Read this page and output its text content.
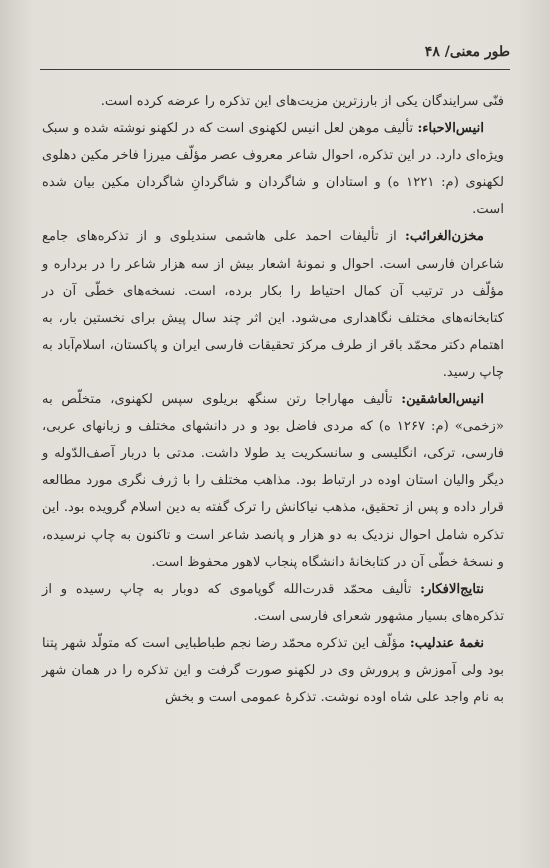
طور معنی/ ۴۸

فنّی سرایندگان یکی از بارزترین مزیت‌های این تذکره را عرضه کرده است.

انیس‌الاحباء: تألیف موهن لعل انیس لکهنوی است که در لکهنو نوشته شده و سبک ویژه‌ای دارد. در این تذکره، احوال شاعر معروف عصر مؤلّف میرزا فاخر مکین دهلوی لکهنوی (م: ۱۲۲۱ ه) و استادان و شاگردان و شاگردانِ شاگردان مکین بیان شده است.

مخزن‌الغرائب: از تألیفات احمد علی هاشمی سندیلوی و از تذکره‌های جامع شاعران فارسی است. احوال و نمونهٔ اشعار بیش از سه هزار شاعر را در برداره و مؤلّف در ترتیب آن کمال احتیاط را بکار برده، است. نسخه‌های خطّی آن در کتابخانه‌های مختلف نگاهداری می‌شود. این اثر چند سال پیش برای نخستین بار، به اهتمام دکتر محمّد باقر از طرف مرکز تحقیقات فارسی ایران و پاکستان، اسلام‌آباد به چاپ رسید.

انیس‌العاشقین: تألیف مهاراجا رتن سنگھ بریلوی سپس لکهنوی، متخلّص به «زخمی» (م: ۱۲۶۷ ه) که مردی فاضل بود و در دانشهای مختلف و زبانهای عربی، فارسی، ترکی، انگلیسی و سانسکریت ید طولا داشت. مدتی با دربار آصف‌الدّوله و دیگر والیان استان اوده در ارتباط بود. مذاهب مختلف را با ژرف نگری مورد مطالعه قرار داده و پس از تحقیق، مذهب نیاکانش را ترک گفته به دین اسلام گرویده بود. این تذکره شامل احوال نزدیک به دو هزار و پانصد شاعر است و تاکنون به چاپ نرسیده، و نسخهٔ خطّی آن در کتابخانهٔ دانشگاه پنجاب لاهور محفوظ است.

نتایج‌الافکار: تألیف محمّد قدرت‌الله گوپاموی که دوبار به چاپ رسیده و از تذکره‌های بسیار مشهور شعرای فارسی است.

نغمهٔ عندلیب: مؤلّف این تذکره محمّد رضا نجم طباطبایی است که متولّد شهر پتنا بود ولی آموزش و پرورش وی در لکهنو صورت گرفت و این تذکره را در همان شهر به نام واجد علی شاه اوده نوشت. تذکرهٔ عمومی است و بخش
